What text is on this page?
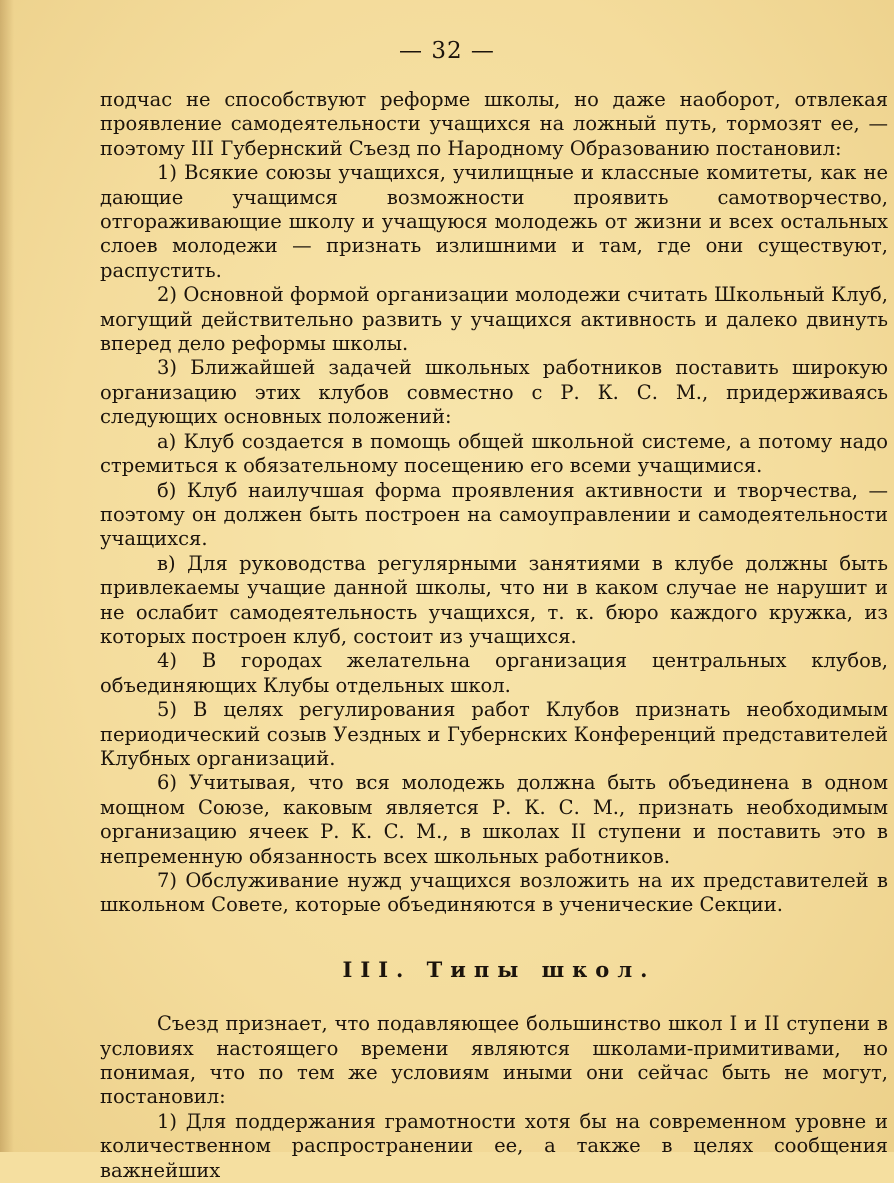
— 32 —

подчас не способствуют реформе школы, но даже наоборот, отвлекая проявление самодеятельности учащихся на ложный путь, тормозят ее, — поэтому III Губернский Съезд по Народному Образованию постановил:

1) Всякие союзы учащихся, училищные и классные комитеты, как не дающие учащимся возможности проявить самотворчество, отгораживающие школу и учащуюся молодежь от жизни и всех остальных слоев молодежи — признать излишними и там, где они существуют, распустить.

2) Основной формой организации молодежи считать Школьный Клуб, могущий действительно развить у учащихся активность и далеко двинуть вперед дело реформы школы.

3) Ближайшей задачей школьных работников поставить широкую организацию этих клубов совместно с Р. К. С. М., придерживаясь следующих основных положений:

а) Клуб создается в помощь общей школьной системе, а потому надо стремиться к обязательному посещению его всеми учащимися.

б) Клуб наилучшая форма проявления активности и творчества, — поэтому он должен быть построен на самоуправлении и самодеятельности учащихся.

в) Для руководства регулярными занятиями в клубе должны быть привлекаемы учащие данной школы, что ни в каком случае не нарушит и не ослабит самодеятельность учащихся, т. к. бюро каждого кружка, из которых построен клуб, состоит из учащихся.

4) В городах желательна организация центральных клубов, объединяющих Клубы отдельных школ.

5) В целях регулирования работ Клубов признать необходимым периодический созыв Уездных и Губернских Конференций представителей Клубных организаций.

6) Учитывая, что вся молодежь должна быть объединена в одном мощном Союзе, каковым является Р. К. С. М., признать необходимым организацию ячеек Р. К. С. М., в школах II ступени и поставить это в непременную обязанность всех школьных работников.

7) Обслуживание нужд учащихся возложить на их представителей в школьном Совете, которые объединяются в ученические Секции.

III. Типы школ.

Съезд признает, что подавляющее большинство школ I и II ступени в условиях настоящего времени являются школами-примитивами, но понимая, что по тем же условиям иными они сейчас быть не могут, постановил:

1) Для поддержания грамотности хотя бы на современном уровне и количественном распространении ее, а также в целях сообщения важнейших
